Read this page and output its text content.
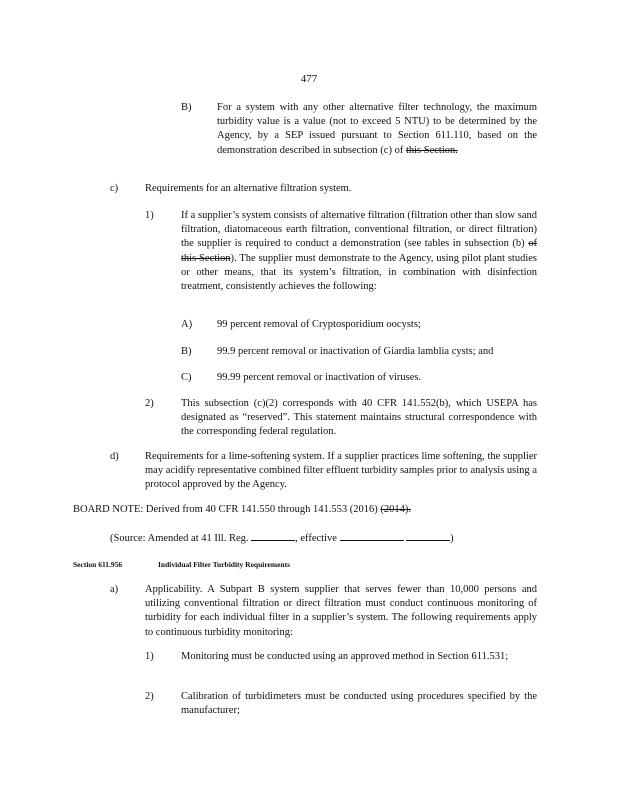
477
B) For a system with any other alternative filter technology, the maximum turbidity value is a value (not to exceed 5 NTU) to be determined by the Agency, by a SEP issued pursuant to Section 611.110, based on the demonstration described in subsection (c) of this Section.
c)	Requirements for an alternative filtration system.
1)	If a supplier’s system consists of alternative filtration (filtration other than slow sand filtration, diatomaceous earth filtration, conventional filtration, or direct filtration) the supplier is required to conduct a demonstration (see tables in subsection (b) of this Section). The supplier must demonstrate to the Agency, using pilot plant studies or other means, that its system’s filtration, in combination with disinfection treatment, consistently achieves the following:
A) 99 percent removal of Cryptosporidium oocysts;
B) 99.9 percent removal or inactivation of Giardia lamblia cysts; and
C) 99.99 percent removal or inactivation of viruses.
2)	This subsection (c)(2) corresponds with 40 CFR 141.552(b), which USEPA has designated as “reserved”. This statement maintains structural correspondence with the corresponding federal regulation.
d)	Requirements for a lime-softening system. If a supplier practices lime softening, the supplier may acidify representative combined filter effluent turbidity samples prior to analysis using a protocol approved by the Agency.
BOARD NOTE: Derived from 40 CFR 141.550 through 141.553 (2016) (2014).
(Source: Amended at 41 Ill. Reg.	, effective	)
Section 611.956	Individual Filter Turbidity Requirements
a)	Applicability. A Subpart B system supplier that serves fewer than 10,000 persons and utilizing conventional filtration or direct filtration must conduct continuous monitoring of turbidity for each individual filter in a supplier’s system. The following requirements apply to continuous turbidity monitoring:
1)	Monitoring must be conducted using an approved method in Section 611.531;
2)	Calibration of turbidimeters must be conducted using procedures specified by the manufacturer;
